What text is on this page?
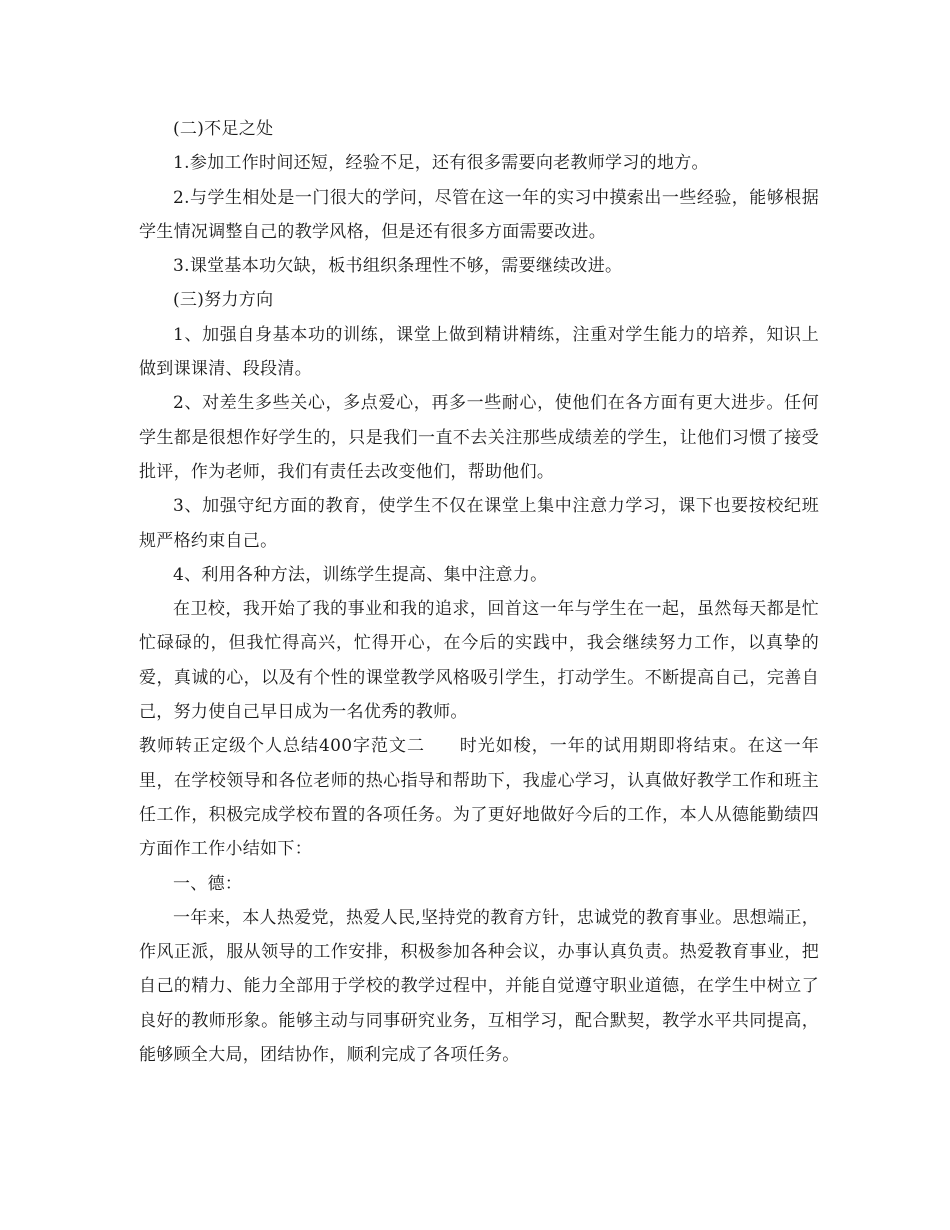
(二)不足之处

1.参加工作时间还短，经验不足，还有很多需要向老教师学习的地方。

2.与学生相处是一门很大的学问，尽管在这一年的实习中摸索出一些经验，能够根据学生情况调整自己的教学风格，但是还有很多方面需要改进。

3.课堂基本功欠缺，板书组织条理性不够，需要继续改进。

(三)努力方向

1、加强自身基本功的训练，课堂上做到精讲精练，注重对学生能力的培养，知识上做到课课清、段段清。

2、对差生多些关心，多点爱心，再多一些耐心，使他们在各方面有更大进步。任何学生都是很想作好学生的，只是我们一直不去关注那些成绩差的学生，让他们习惯了接受批评，作为老师，我们有责任去改变他们，帮助他们。

3、加强守纪方面的教育，使学生不仅在课堂上集中注意力学习，课下也要按校纪班规严格约束自己。

4、利用各种方法，训练学生提高、集中注意力。

在卫校，我开始了我的事业和我的追求，回首这一年与学生在一起，虽然每天都是忙忙碌碌的，但我忙得高兴，忙得开心，在今后的实践中，我会继续努力工作，以真挚的爱，真诚的心，以及有个性的课堂教学风格吸引学生，打动学生。不断提高自己，完善自己，努力使自己早日成为一名优秀的教师。

教师转正定级个人总结400字范文二 时光如梭，一年的试用期即将结束。在这一年里，在学校领导和各位老师的热心指导和帮助下，我虚心学习，认真做好教学工作和班主任工作，积极完成学校布置的各项任务。为了更好地做好今后的工作，本人从德能勤绩四方面作工作小结如下：

一、德：

一年来，本人热爱党，热爱人民,坚持党的教育方针，忠诚党的教育事业。思想端正，作风正派，服从领导的工作安排，积极参加各种会议，办事认真负责。热爱教育事业，把自己的精力、能力全部用于学校的教学过程中，并能自觉遵守职业道德，在学生中树立了良好的教师形象。能够主动与同事研究业务，互相学习，配合默契，教学水平共同提高，能够顾全大局，团结协作，顺利完成了各项任务。
